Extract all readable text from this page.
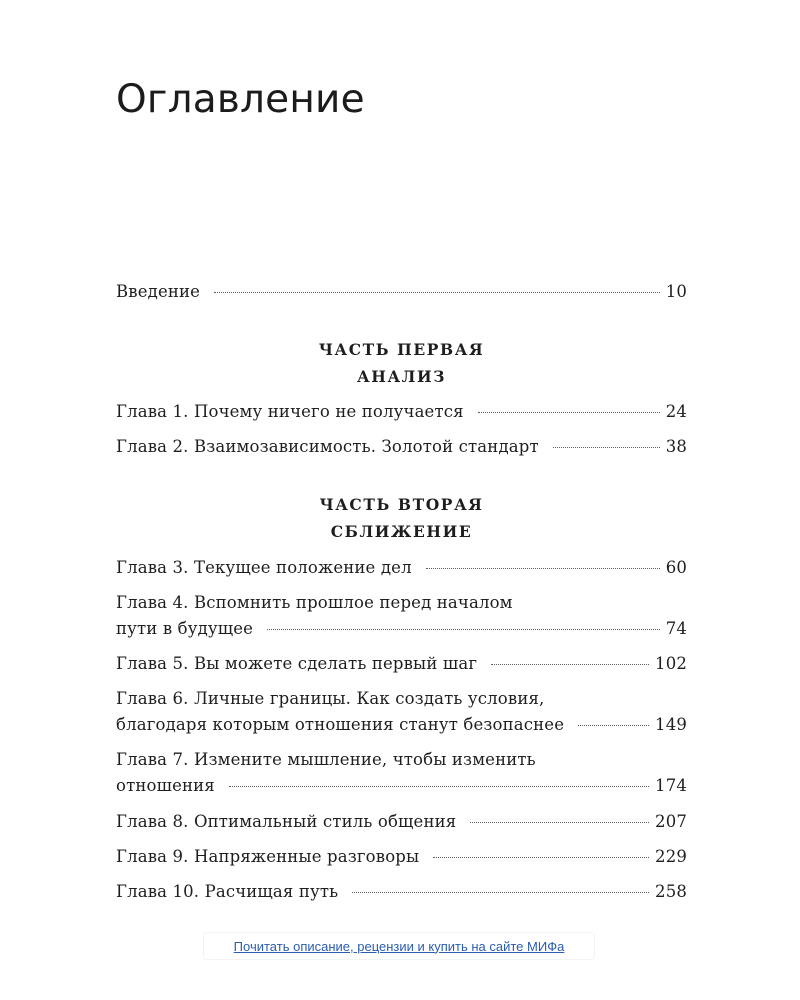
Оглавление
Введение	10
ЧАСТЬ ПЕРВАЯ
АНАЛИЗ
Глава 1. Почему ничего не получается	24
Глава 2. Взаимозависимость. Золотой стандарт	38
ЧАСТЬ ВТОРАЯ
СБЛИЖЕНИЕ
Глава 3. Текущее положение дел	60
Глава 4. Вспомнить прошлое перед началом
пути в будущее	74
Глава 5. Вы можете сделать первый шаг	102
Глава 6. Личные границы. Как создать условия,
благодаря которым отношения станут безопаснее	149
Глава 7. Измените мышление, чтобы изменить
отношения	174
Глава 8. Оптимальный стиль общения	207
Глава 9. Напряженные разговоры	229
Глава 10. Расчищая путь	258
Почитать описание, рецензии и купить на сайте МИФа
